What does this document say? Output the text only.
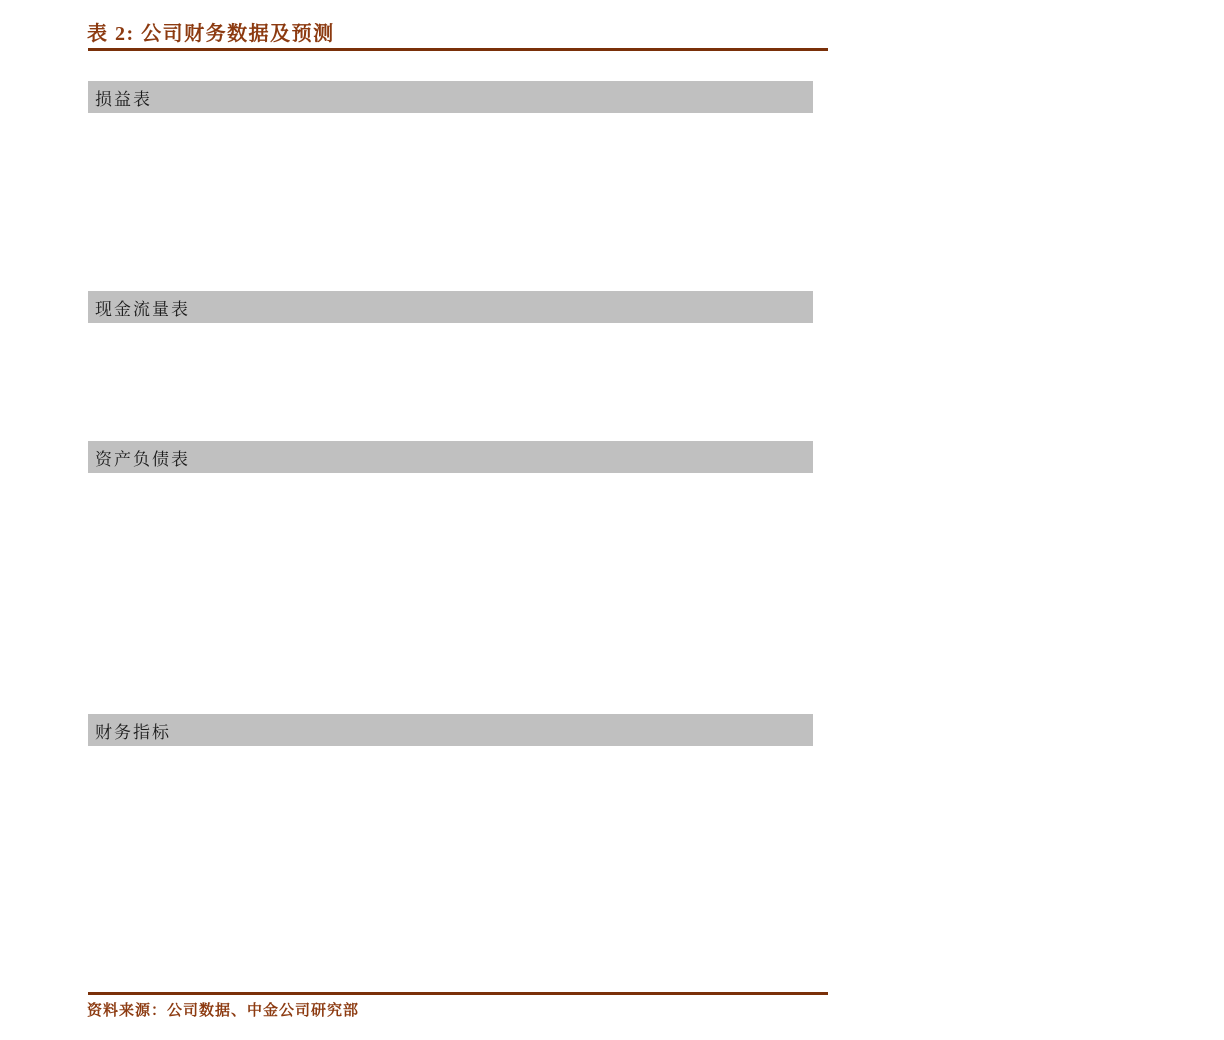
表 2: 公司财务数据及预测
损益表
现金流量表
资产负债表
财务指标
资料来源：公司数据、中金公司研究部
